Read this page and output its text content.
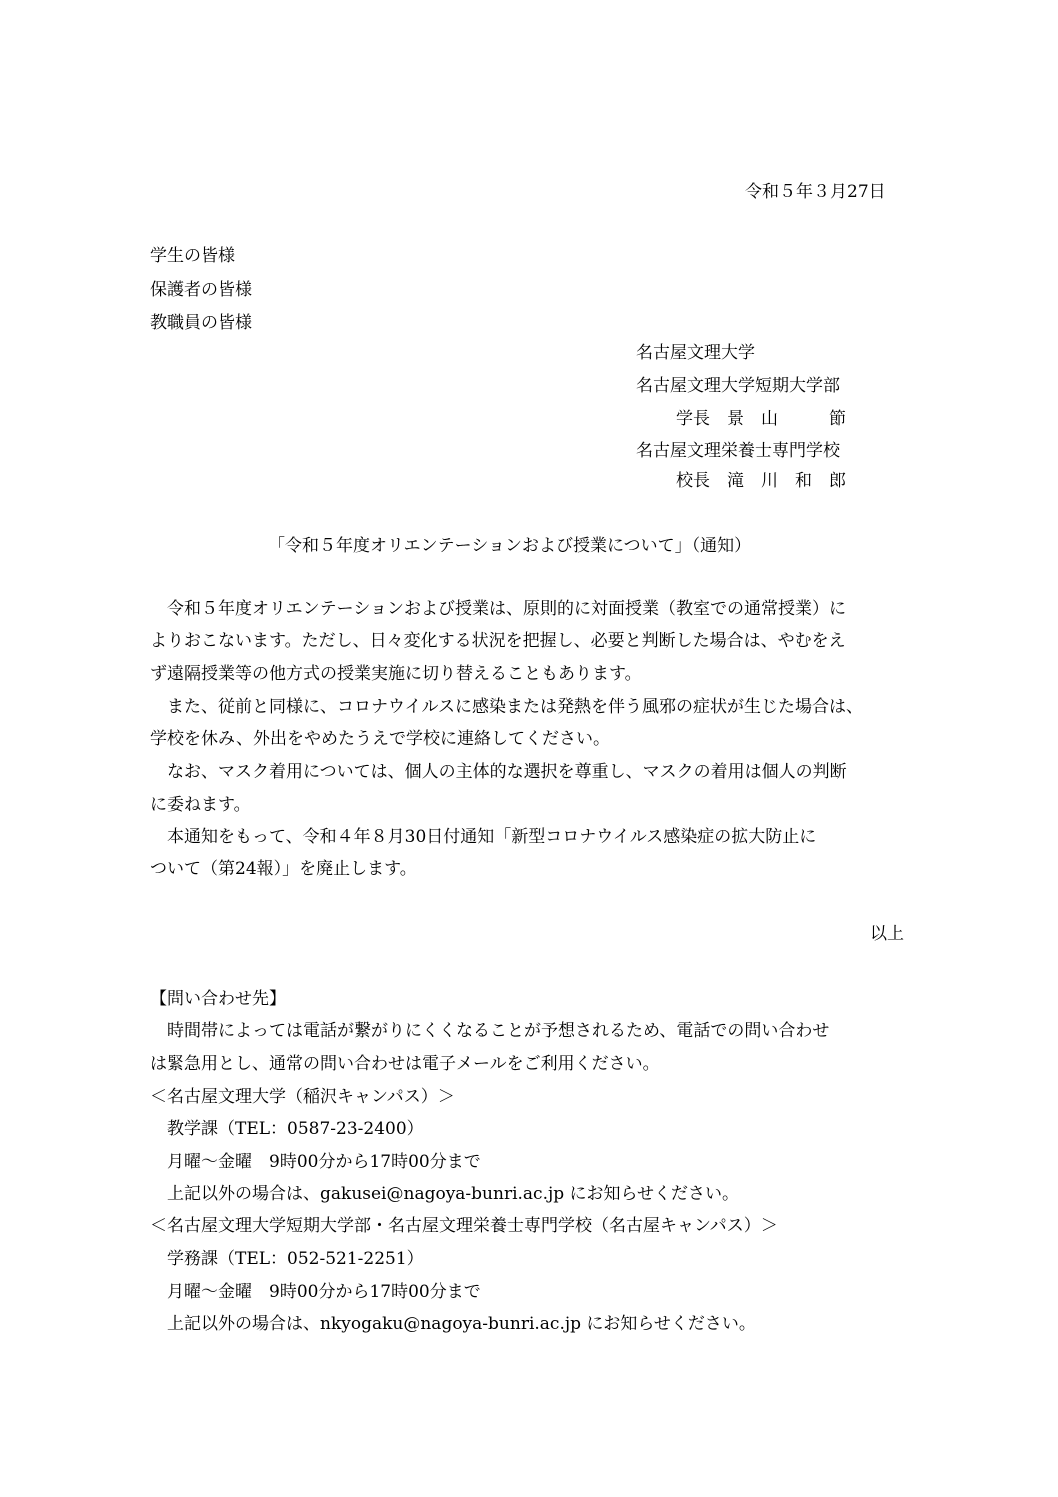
令和５年３月27日

学生の皆様

保護者の皆様

教職員の皆様

名古屋文理大学

名古屋文理大学短期大学部

学長　景　山　　　節

名古屋文理栄養士専門学校

校長　滝　川　和　郎

「令和５年度オリエンテーションおよび授業について」（通知）

　令和５年度オリエンテーションおよび授業は、原則的に対面授業（教室での通常授業）に

よりおこないます。ただし、日々変化する状況を把握し、必要と判断した場合は、やむをえ

ず遠隔授業等の他方式の授業実施に切り替えることもあります。

　また、従前と同様に、コロナウイルスに感染または発熱を伴う風邪の症状が生じた場合は、

学校を休み、外出をやめたうえで学校に連絡してください。

　なお、マスク着用については、個人の主体的な選択を尊重し、マスクの着用は個人の判断

に委ねます。

　本通知をもって、令和４年８月30日付通知「新型コロナウイルス感染症の拡大防止に

ついて（第24報）」を廃止します。

以上

【問い合わせ先】

　時間帯によっては電話が繋がりにくくなることが予想されるため、電話での問い合わせ

は緊急用とし、通常の問い合わせは電子メールをご利用ください。

＜名古屋文理大学（稲沢キャンパス）＞

　教学課（TEL：0587-23-2400）

　月曜～金曜　9時00分から17時00分まで

　上記以外の場合は、gakusei@nagoya-bunri.ac.jp にお知らせください。

＜名古屋文理大学短期大学部・名古屋文理栄養士専門学校（名古屋キャンパス）＞

　学務課（TEL：052-521-2251）

　月曜～金曜　9時00分から17時00分まで

　上記以外の場合は、nkyogaku@nagoya-bunri.ac.jp にお知らせください。
